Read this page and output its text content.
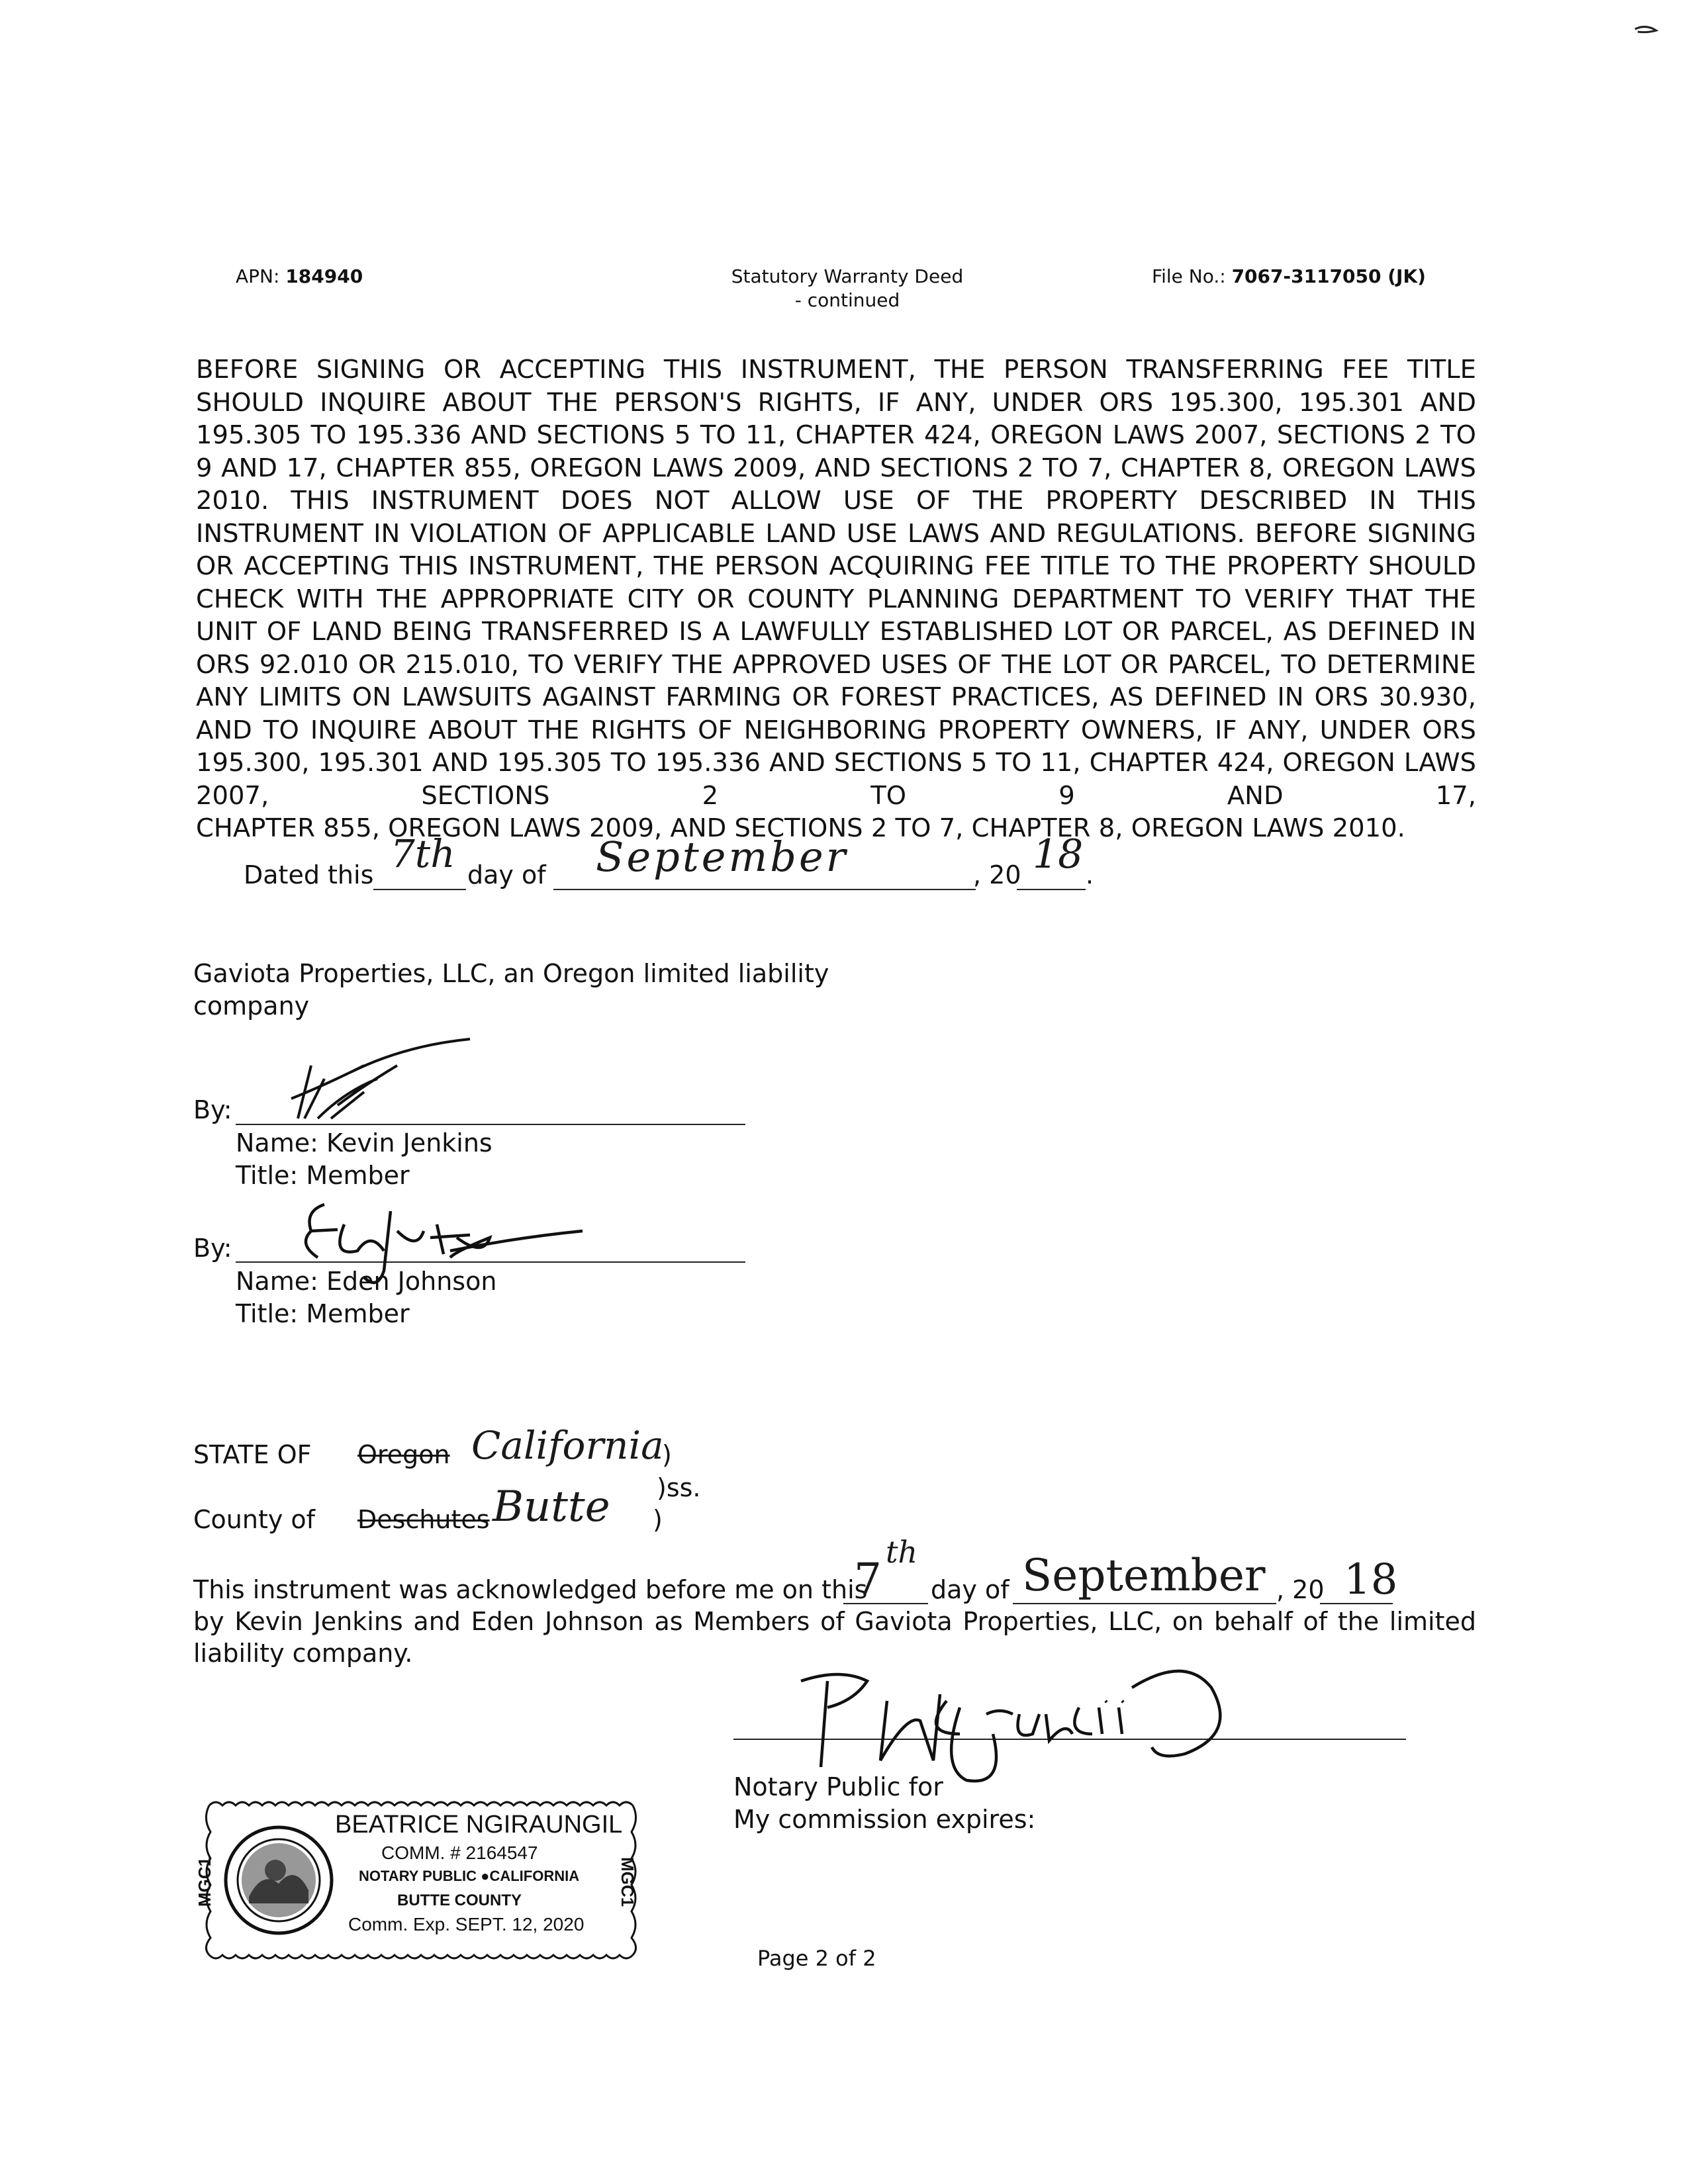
APN: 184940	Statutory Warranty Deed
- continued
File No.: 7067-3117050 (JK)
BEFORE SIGNING OR ACCEPTING THIS INSTRUMENT, THE PERSON TRANSFERRING FEE TITLE SHOULD INQUIRE ABOUT THE PERSON'S RIGHTS, IF ANY, UNDER ORS 195.300, 195.301 AND 195.305 TO 195.336 AND SECTIONS 5 TO 11, CHAPTER 424, OREGON LAWS 2007, SECTIONS 2 TO 9 AND 17, CHAPTER 855, OREGON LAWS 2009, AND SECTIONS 2 TO 7, CHAPTER 8, OREGON LAWS 2010. THIS INSTRUMENT DOES NOT ALLOW USE OF THE PROPERTY DESCRIBED IN THIS INSTRUMENT IN VIOLATION OF APPLICABLE LAND USE LAWS AND REGULATIONS. BEFORE SIGNING OR ACCEPTING THIS INSTRUMENT, THE PERSON ACQUIRING FEE TITLE TO THE PROPERTY SHOULD CHECK WITH THE APPROPRIATE CITY OR COUNTY PLANNING DEPARTMENT TO VERIFY THAT THE UNIT OF LAND BEING TRANSFERRED IS A LAWFULLY ESTABLISHED LOT OR PARCEL, AS DEFINED IN ORS 92.010 OR 215.010, TO VERIFY THE APPROVED USES OF THE LOT OR PARCEL, TO DETERMINE ANY LIMITS ON LAWSUITS AGAINST FARMING OR FOREST PRACTICES, AS DEFINED IN ORS 30.930, AND TO INQUIRE ABOUT THE RIGHTS OF NEIGHBORING PROPERTY OWNERS, IF ANY, UNDER ORS 195.300, 195.301 AND 195.305 TO 195.336 AND SECTIONS 5 TO 11, CHAPTER 424, OREGON LAWS 2007, SECTIONS 2 TO 9 AND 17,
CHAPTER 855, OREGON LAWS 2009, AND SECTIONS 2 TO 7, CHAPTER 8, OREGON LAWS 2010.
Dated this 7th day of September	, 20 18 .
Gaviota Properties, LLC, an Oregon limited liability
company
By:
Name: Kevin Jenkins
Title: Member
By:
Name: Eden Johnson
Title: Member
STATE OF Oregon California
)
)ss.
County of Deschutes Butte )
This instrument was acknowledged before me on this
7
th
day of September , 20 18
by Kevin Jenkins and Eden Johnson as Members of Gaviota Properties, LLC, on behalf of the limited
liability company.
Notary Public for
My commission expires:
MGC1	MGC1
BEATRICE NGIRAUNGIL
COMM. # 2164547
NOTARY PUBLIC ●CALIFORNIA
BUTTE COUNTY
Comm. Exp. SEPT. 12, 2020
Page 2 of 2
